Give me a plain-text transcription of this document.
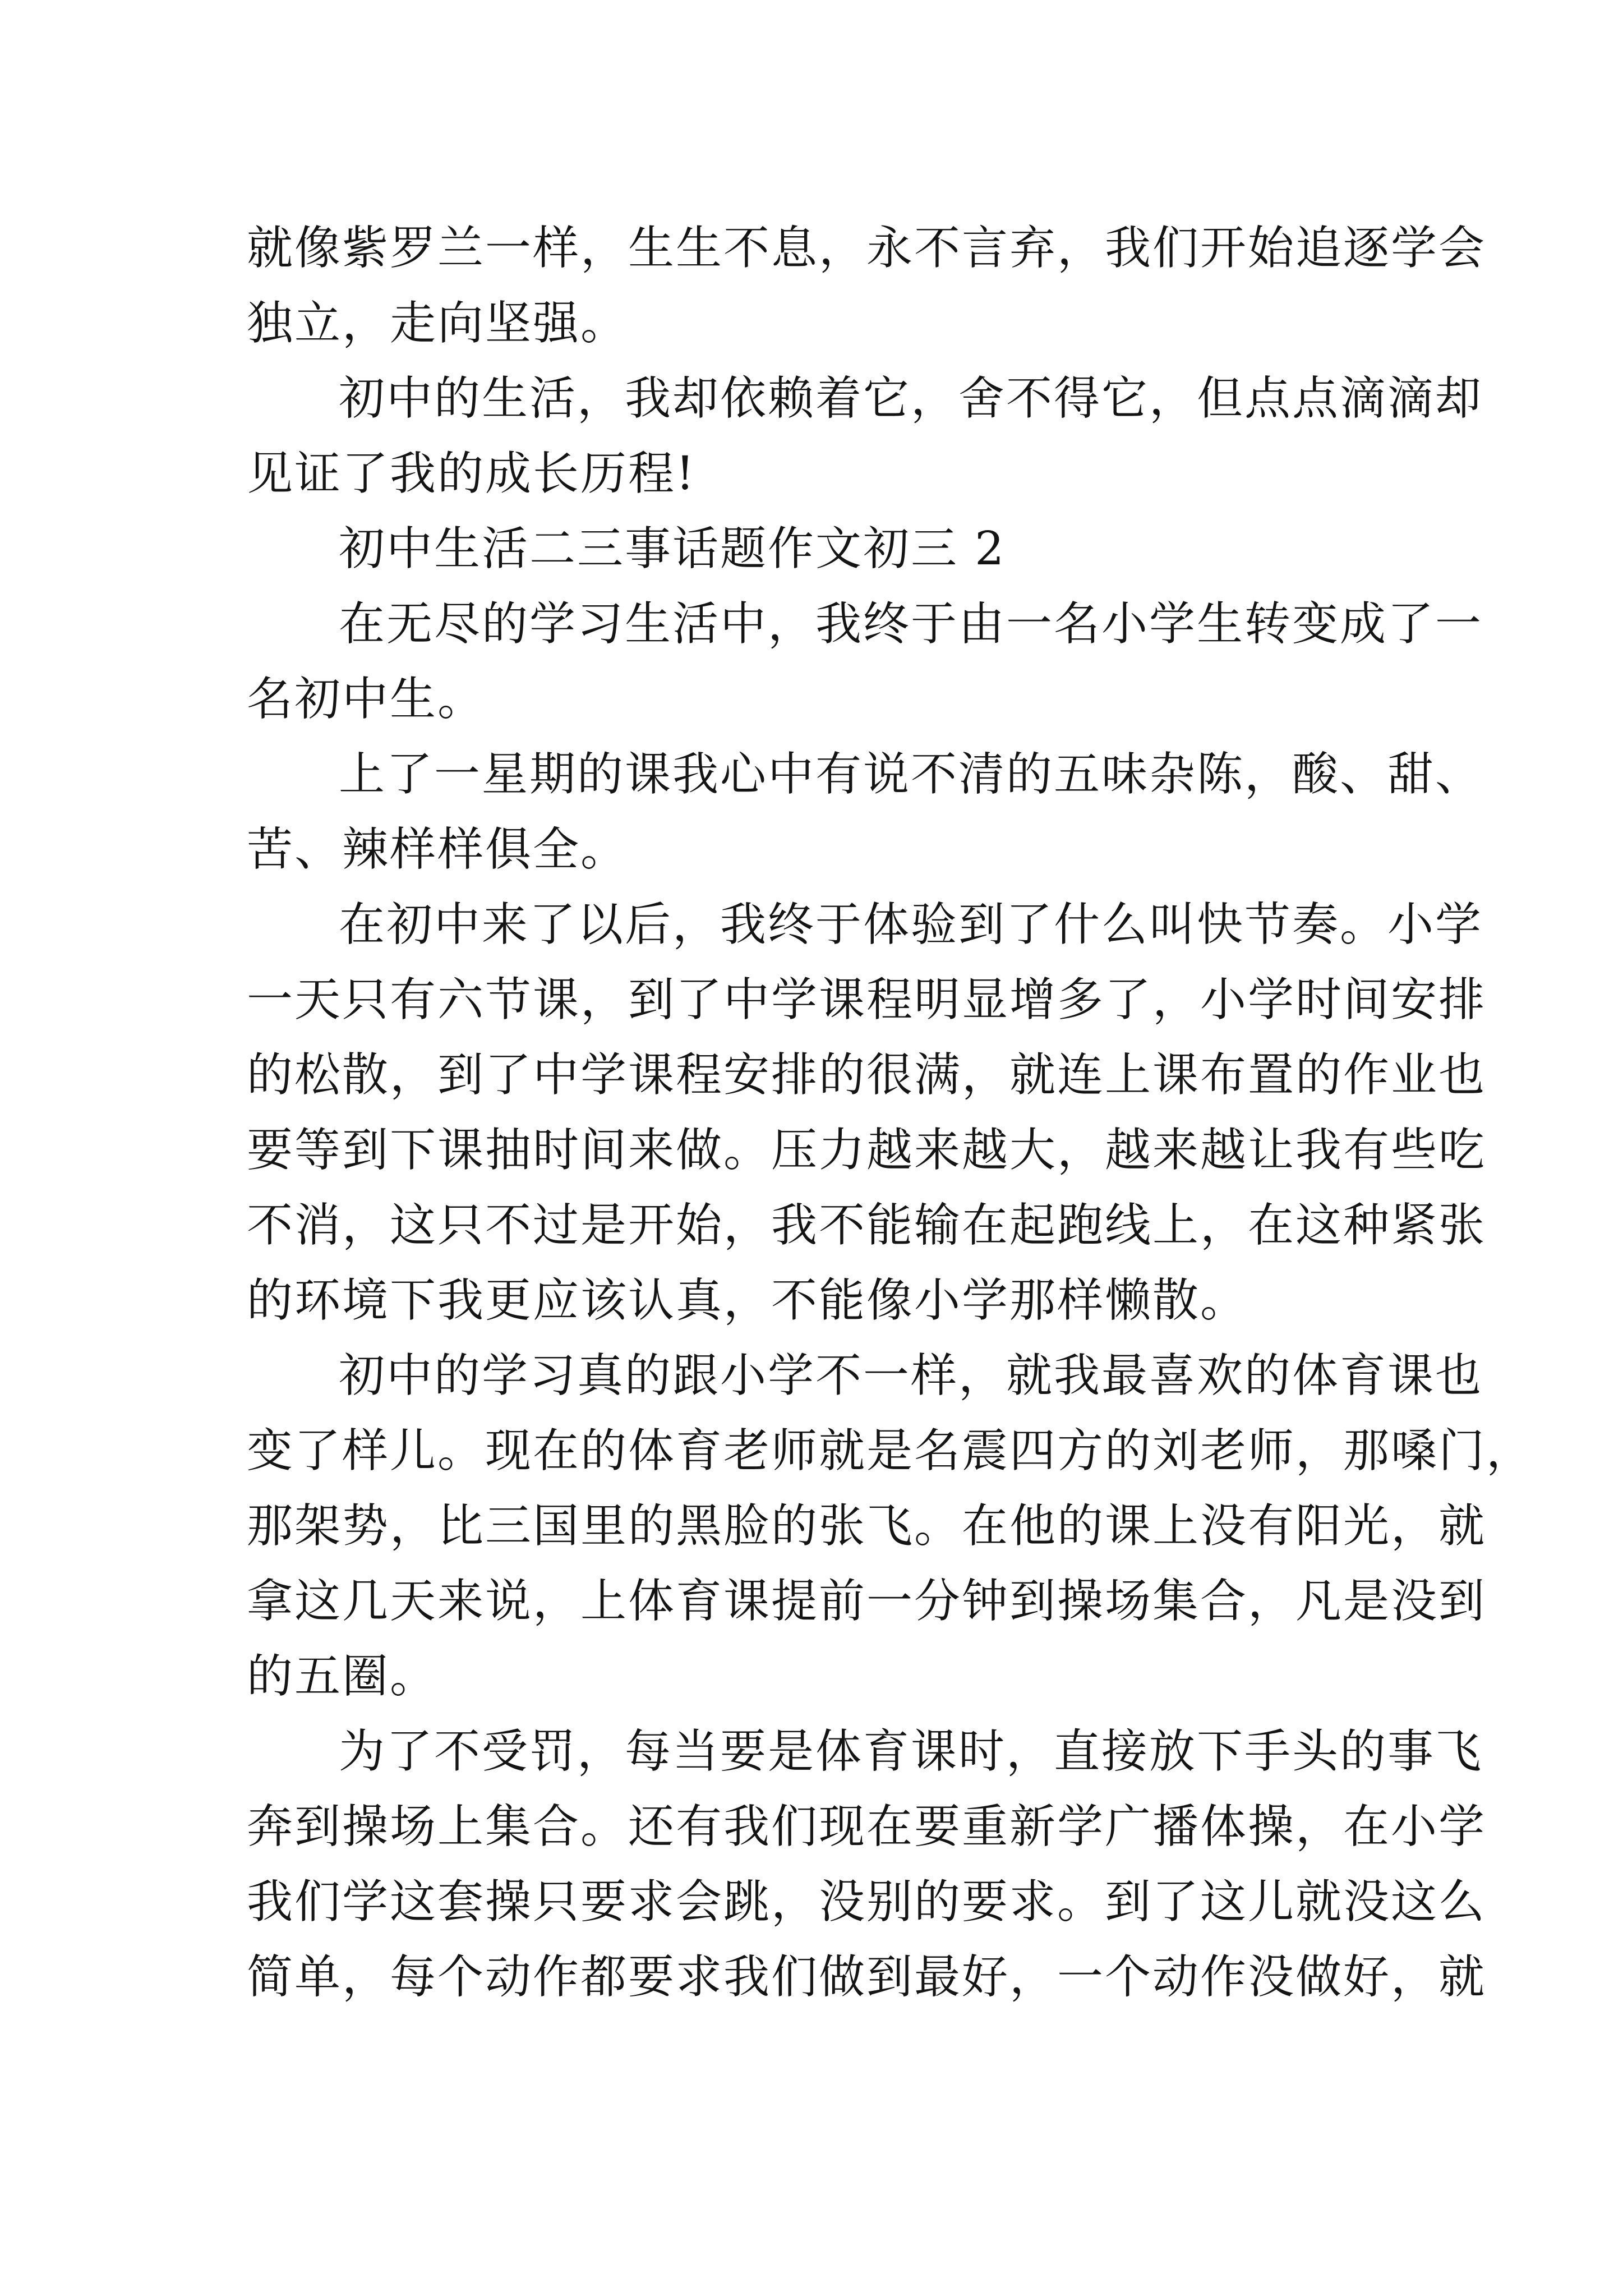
就像紫罗兰一样，生生不息，永不言弃，我们开始追逐学会
独立，走向坚强。
初中的生活，我却依赖着它，舍不得它，但点点滴滴却
见证了我的成长历程!
初中生活二三事话题作文初三 2
在无尽的学习生活中，我终于由一名小学生转变成了一
名初中生。
上了一星期的课我心中有说不清的五味杂陈，酸、甜、
苦、辣样样俱全。
在初中来了以后，我终于体验到了什么叫快节奏。小学
一天只有六节课，到了中学课程明显增多了，小学时间安排
的松散，到了中学课程安排的很满，就连上课布置的作业也
要等到下课抽时间来做。压力越来越大，越来越让我有些吃
不消，这只不过是开始，我不能输在起跑线上，在这种紧张
的环境下我更应该认真，不能像小学那样懒散。
初中的学习真的跟小学不一样，就我最喜欢的体育课也
变了样儿。现在的体育老师就是名震四方的刘老师，那嗓门，
那架势，比三国里的黑脸的张飞。在他的课上没有阳光，就
拿这几天来说，上体育课提前一分钟到操场集合，凡是没到
的五圈。
为了不受罚，每当要是体育课时，直接放下手头的事飞
奔到操场上集合。还有我们现在要重新学广播体操，在小学
我们学这套操只要求会跳，没别的要求。到了这儿就没这么
简单，每个动作都要求我们做到最好，一个动作没做好，就
